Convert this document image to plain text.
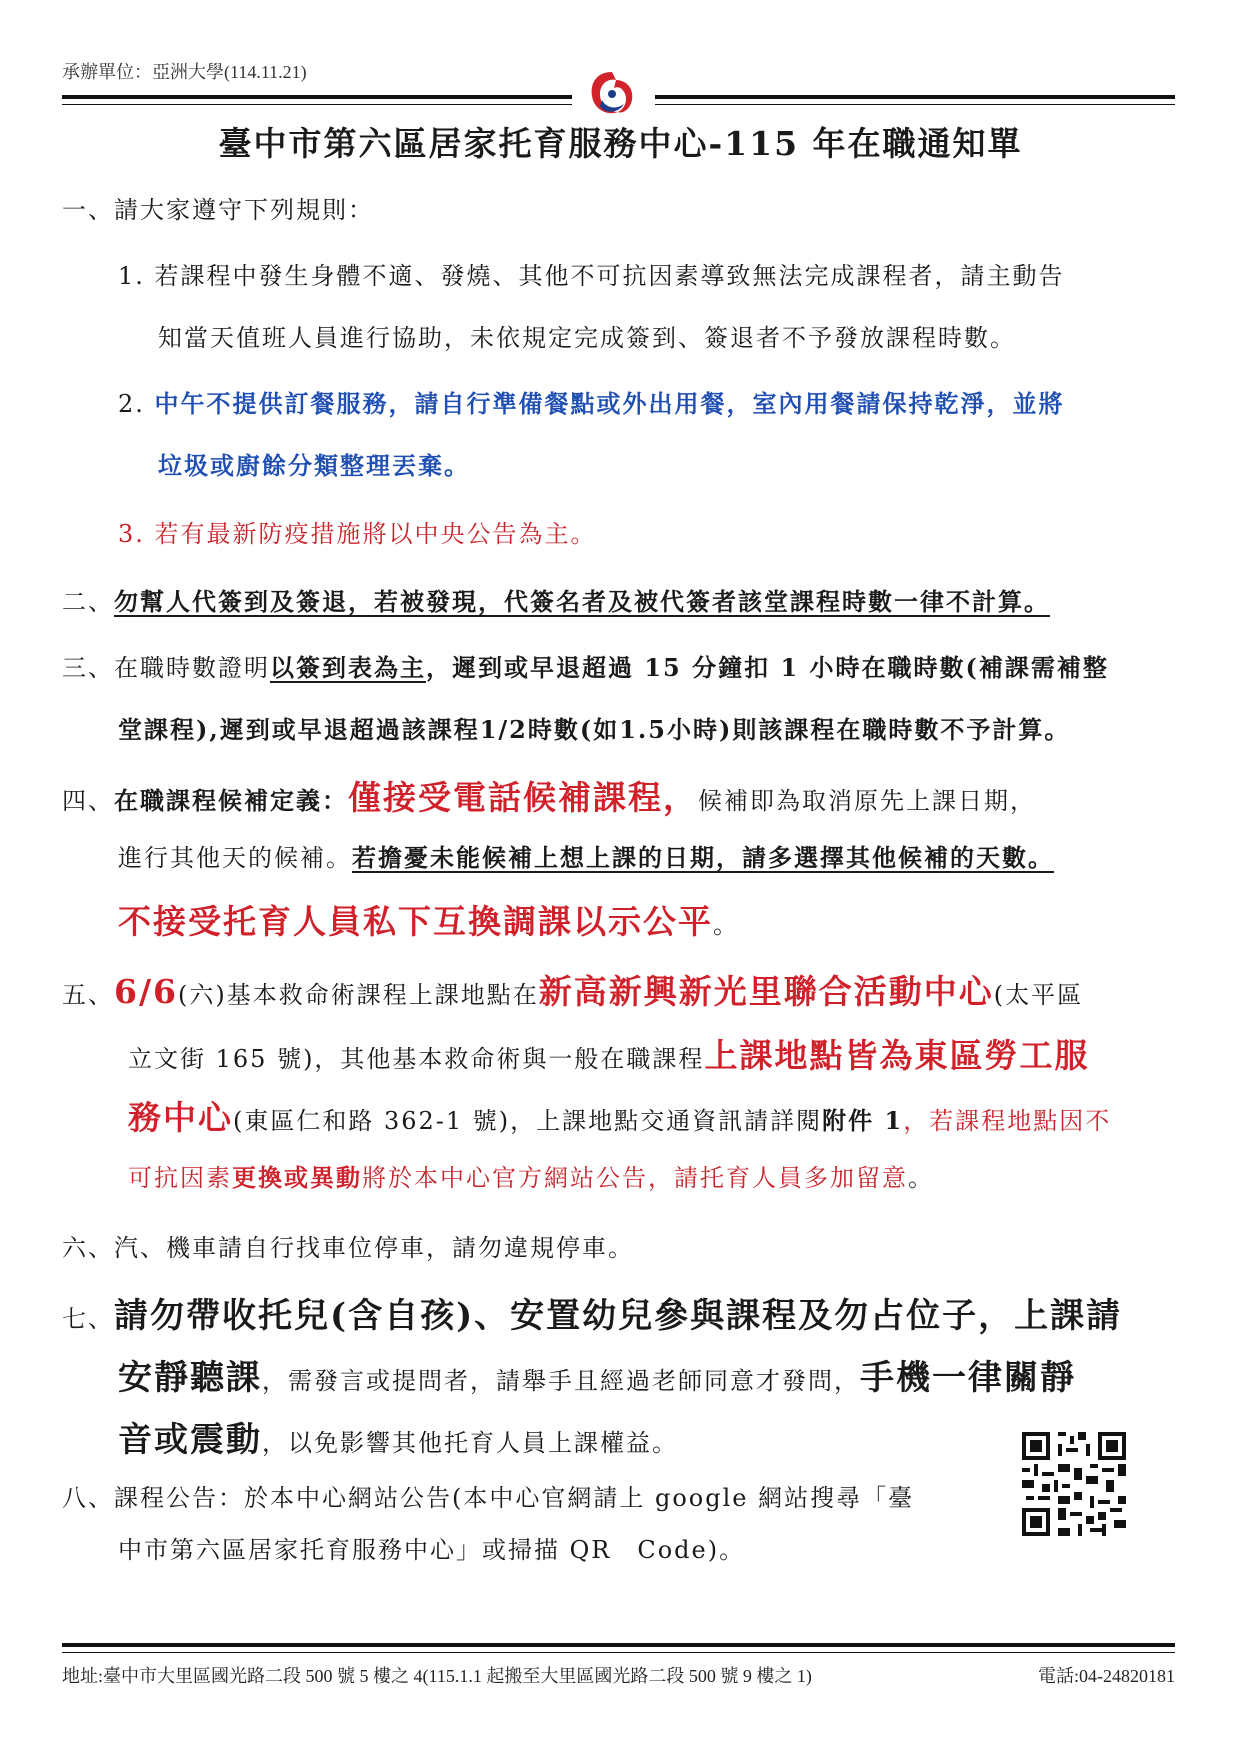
承辦單位：亞洲大學(114.11.21)
臺中市第六區居家托育服務中心-115 年在職通知單
一、請大家遵守下列規則：
1. 若課程中發生身體不適、發燒、其他不可抗因素導致無法完成課程者，請主動告
知當天值班人員進行協助，未依規定完成簽到、簽退者不予發放課程時數。
2. 中午不提供訂餐服務，請自行準備餐點或外出用餐，室內用餐請保持乾淨，並將
垃圾或廚餘分類整理丟棄。
3. 若有最新防疫措施將以中央公告為主。
二、勿幫人代簽到及簽退，若被發現，代簽名者及被代簽者該堂課程時數一律不計算。
三、在職時數證明以簽到表為主，遲到或早退超過 15 分鐘扣 1 小時在職時數(補課需補整
堂課程),遲到或早退超過該課程1/2時數(如1.5小時)則該課程在職時數不予計算。
四、在職課程候補定義：僅接受電話候補課程，候補即為取消原先上課日期，
進行其他天的候補。若擔憂未能候補上想上課的日期，請多選擇其他候補的天數。
不接受托育人員私下互換調課以示公平。
五、6/6(六)基本救命術課程上課地點在新高新興新光里聯合活動中心(太平區
立文街 165 號)，其他基本救命術與一般在職課程上課地點皆為東區勞工服
務中心(東區仁和路 362-1 號)，上課地點交通資訊請詳閱附件 1，若課程地點因不
可抗因素更換或異動將於本中心官方網站公告，請托育人員多加留意。
六、汽、機車請自行找車位停車，請勿違規停車。
七、請勿帶收托兒(含自孩)、安置幼兒參與課程及勿占位子，上課請
安靜聽課，需發言或提問者，請舉手且經過老師同意才發問，手機一律關靜
音或震動，以免影響其他托育人員上課權益。
八、課程公告：於本中心網站公告(本中心官網請上 google 網站搜尋「臺
中市第六區居家托育服務中心」或掃描 QR　Code)。
地址:臺中市大里區國光路二段 500 號 5 樓之 4(115.1.1 起搬至大里區國光路二段 500 號 9 樓之 1)	電話:04-24820181
